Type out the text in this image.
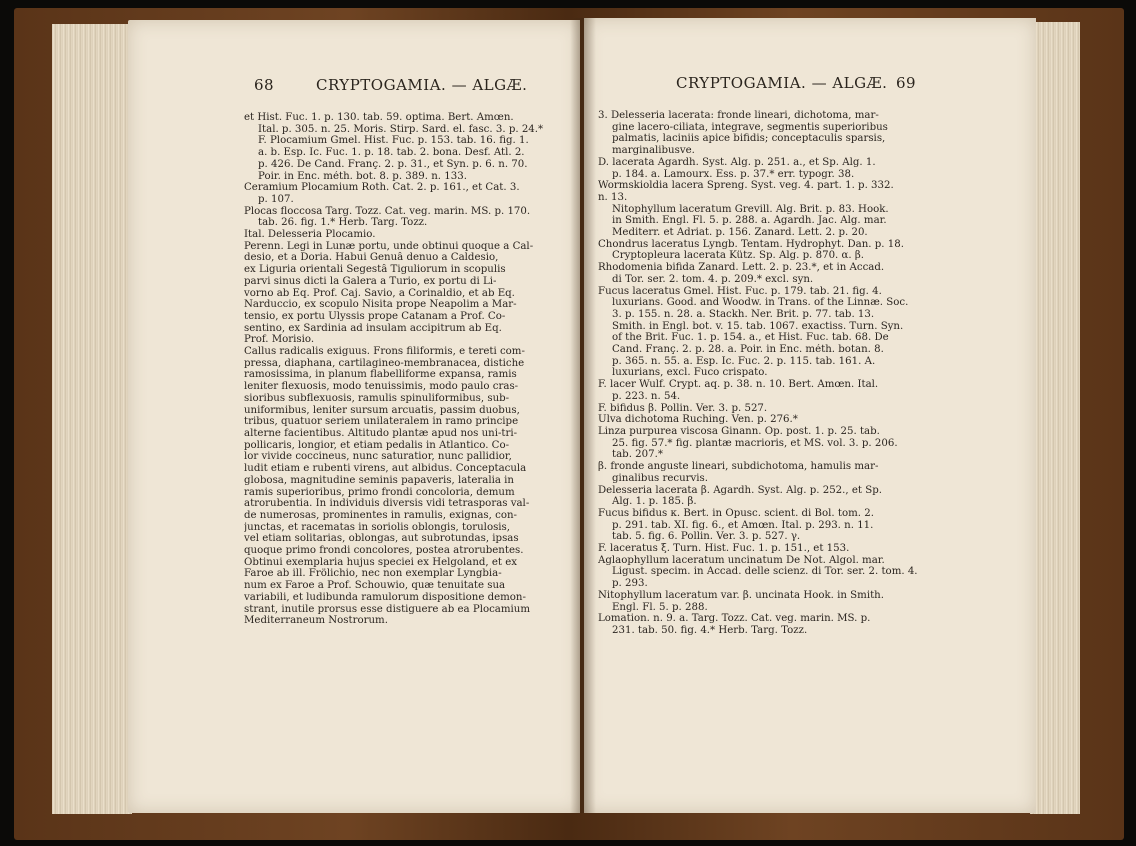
68	CRYPTOGAMIA. — ALGÆ.

et Hist. Fuc. 1. p. 130. tab. 59. optima. Bert. Amœn.

Ital. p. 305. n. 25. Moris. Stirp. Sard. el. fasc. 3. p. 24.*

F. Plocamium Gmel. Hist. Fuc. p. 153. tab. 16. fig. 1.

a. b. Esp. Ic. Fuc. 1. p. 18. tab. 2. bona. Desf. Atl. 2.

p. 426. De Cand. Franç. 2. p. 31., et Syn. p. 6. n. 70.

Poir. in Enc. méth. bot. 8. p. 389. n. 133.

Ceramium Plocamium Roth. Cat. 2. p. 161., et Cat. 3.

p. 107.

Plocas floccosa Targ. Tozz. Cat. veg. marin. MS. p. 170.

tab. 26. fig. 1.* Herb. Targ. Tozz.

Ital. Delesseria Plocamio.

Perenn. Legi in Lunæ portu, unde obtinui quoque a Cal-

desio, et a Doria. Habui Genuâ denuo a Caldesio,

ex Liguria orientali Segestâ Tiguliorum in scopulis

parvi sinus dicti la Galera a Turio, ex portu di Li-

vorno ab Eq. Prof. Caj. Savio, a Corinaldio, et ab Eq.

Narduccio, ex scopulo Nisita prope Neapolim a Mar-

tensio, ex portu Ulyssis prope Catanam a Prof. Co-

sentino, ex Sardinia ad insulam accipitrum ab Eq.

Prof. Morisio.

Callus radicalis exiguus. Frons filiformis, e tereti com-

pressa, diaphana, cartilagineo-membranacea, distiche

ramosissima, in planum flabelliforme expansa, ramis

leniter flexuosis, modo tenuissimis, modo paulo cras-

sioribus subflexuosis, ramulis spinuliformibus, sub-

uniformibus, leniter sursum arcuatis, passim duobus,

tribus, quatuor seriem unilateralem in ramo principe

alterne facientibus. Altitudo plantæ apud nos uni-tri-

pollicaris, longior, et etiam pedalis in Atlantico. Co-

lor vivide coccineus, nunc saturatior, nunc pallidior,

ludit etiam e rubenti virens, aut albidus. Conceptacula

globosa, magnitudine seminis papaveris, lateralia in

ramis superioribus, primo frondi concoloria, demum

atrorubentia. In individuis diversis vidi tetrasporas val-

de numerosas, prominentes in ramulis, exignas, con-

junctas, et racematas in soriolis oblongis, torulosis,

vel etiam solitarias, oblongas, aut subrotundas, ipsas

quoque primo frondi concolores, postea atrorubentes.

Obtinui exemplaria hujus speciei ex Helgoland, et ex

Faroe ab ill. Frölichio, nec non exemplar Lyngbia-

num ex Faroe a Prof. Schouwio, quæ tenuitate sua

variabili, et ludibunda ramulorum dispositione demon-

strant, inutile prorsus esse distiguere ab ea Plocamium

Mediterraneum Nostrorum.

CRYPTOGAMIA. — ALGÆ. 69

3. Delesseria lacerata: fronde lineari, dichotoma, mar-

gine lacero-ciliata, integrave, segmentis superioribus

palmatis, laciniis apice bifidis; conceptaculis sparsis,

marginalibusve.

D. lacerata Agardh. Syst. Alg. p. 251. a., et Sp. Alg. 1.

p. 184. a. Lamourx. Ess. p. 37.* err. typogr. 38.

Wormskioldia lacera Spreng. Syst. veg. 4. part. 1. p. 332.

n. 13.

Nitophyllum laceratum Grevill. Alg. Brit. p. 83. Hook.

in Smith. Engl. Fl. 5. p. 288. a. Agardh. Jac. Alg. mar.

Mediterr. et Adriat. p. 156. Zanard. Lett. 2. p. 20.

Chondrus laceratus Lyngb. Tentam. Hydrophyt. Dan. p. 18.

Cryptopleura lacerata Kütz. Sp. Alg. p. 870. α. β.

Rhodomenia bifida Zanard. Lett. 2. p. 23.*, et in Accad.

di Tor. ser. 2. tom. 4. p. 209.* excl. syn.

Fucus laceratus Gmel. Hist. Fuc. p. 179. tab. 21. fig. 4.

luxurians. Good. and Woodw. in Trans. of the Linnæ. Soc.

3. p. 155. n. 28. a. Stackh. Ner. Brit. p. 77. tab. 13.

Smith. in Engl. bot. v. 15. tab. 1067. exactiss. Turn. Syn.

of the Brit. Fuc. 1. p. 154. a., et Hist. Fuc. tab. 68. De

Cand. Franç. 2. p. 28. a. Poir. in Enc. méth. botan. 8.

p. 365. n. 55. a. Esp. Ic. Fuc. 2. p. 115. tab. 161. A.

luxurians, excl. Fuco crispato.

F. lacer Wulf. Crypt. aq. p. 38. n. 10. Bert. Amœn. Ital.

p. 223. n. 54.

F. bifidus β. Pollin. Ver. 3. p. 527.

Ulva dichotoma Ruching. Ven. p. 276.*

Linza purpurea viscosa Ginann. Op. post. 1. p. 25. tab.

25. fig. 57.* fig. plantæ macrioris, et MS. vol. 3. p. 206.

tab. 207.*

β. fronde anguste lineari, subdichotoma, hamulis mar-

ginalibus recurvis.

Delesseria lacerata β. Agardh. Syst. Alg. p. 252., et Sp.

Alg. 1. p. 185. β.

Fucus bifidus κ. Bert. in Opusc. scient. di Bol. tom. 2.

p. 291. tab. XI. fig. 6., et Amœn. Ital. p. 293. n. 11.

tab. 5. fig. 6. Pollin. Ver. 3. p. 527. γ.

F. laceratus ξ. Turn. Hist. Fuc. 1. p. 151., et 153.

Aglaophyllum laceratum uncinatum De Not. Algol. mar.

Ligust. specim. in Accad. delle scienz. di Tor. ser. 2. tom. 4.

p. 293.

Nitophyllum laceratum var. β. uncinata Hook. in Smith.

Engl. Fl. 5. p. 288.

Lomation. n. 9. a. Targ. Tozz. Cat. veg. marin. MS. p.

231. tab. 50. fig. 4.* Herb. Targ. Tozz.
